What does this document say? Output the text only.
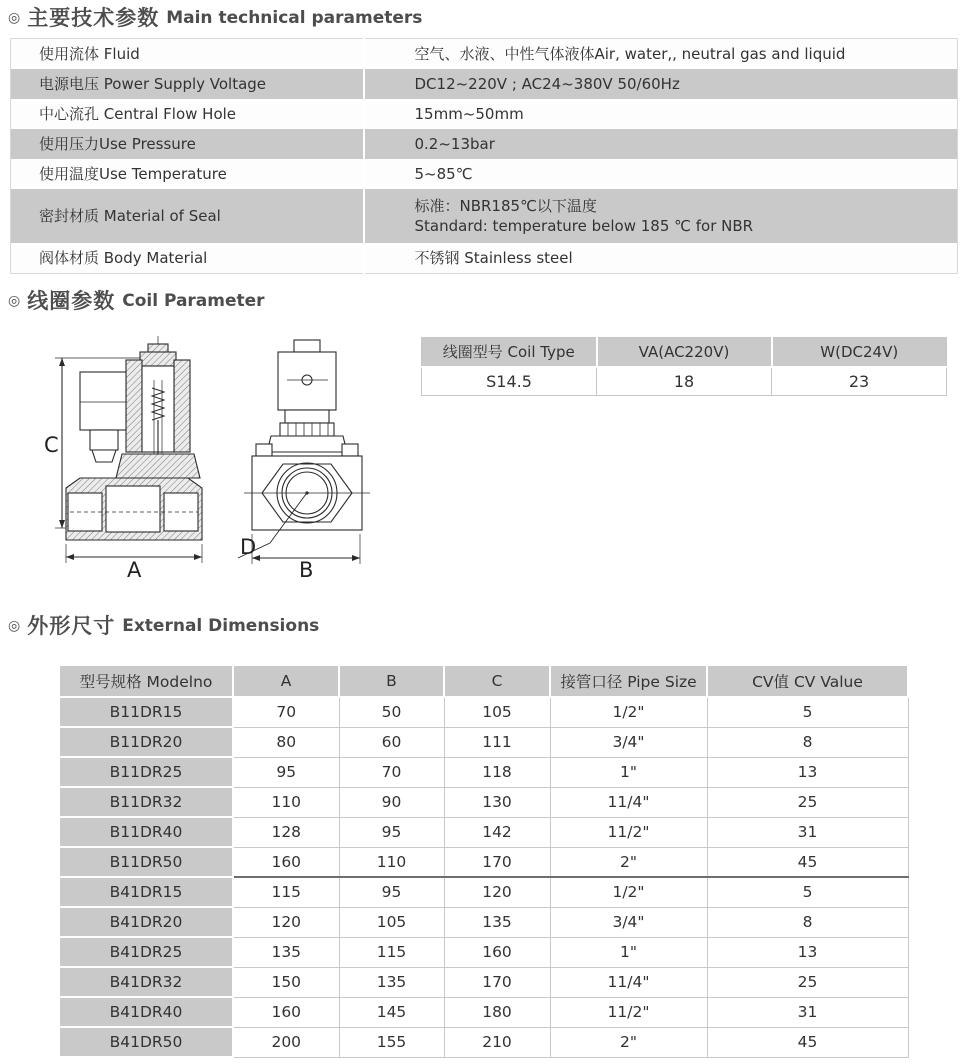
◎ 主要技术参数 Main technical parameters
使用流体 Fluid	空气、水液、中性气体液体Air, water,, neutral gas and liquid
电源电压 Power Supply Voltage	DC12~220V ; AC24~380V 50/60Hz
中心流孔 Central Flow Hole	15mm~50mm
使用压力Use Pressure	0.2~13bar
使用温度Use Temperature	5~85℃
密封材质 Material of Seal	标准：NBR185℃以下温度
Standard: temperature below 185 ℃ for NBR

阀体材质 Body Material	不锈钢 Stainless steel
◎ 线圈参数 Coil Parameter
C
A
D
B
线圈型号 Coil Type	VA(AC220V)	W(DC24V)
S14.5	18	23
◎ 外形尺寸 External Dimensions
型号规格 Modelno	A	B	C	接管口径 Pipe Size	CV值 CV Value
B11DR15	70	50	105	1/2"	5
B11DR20	80	60	111	3/4"	8
B11DR25	95	70	118	1"	13
B11DR32	110	90	130	11/4"	25
B11DR40	128	95	142	11/2"	31
B11DR50	160	110	170	2"	45
B41DR15	115	95	120	1/2"	5
B41DR20	120	105	135	3/4"	8
B41DR25	135	115	160	1"	13
B41DR32	150	135	170	11/4"	25
B41DR40	160	145	180	11/2"	31
B41DR50	200	155	210	2"	45
